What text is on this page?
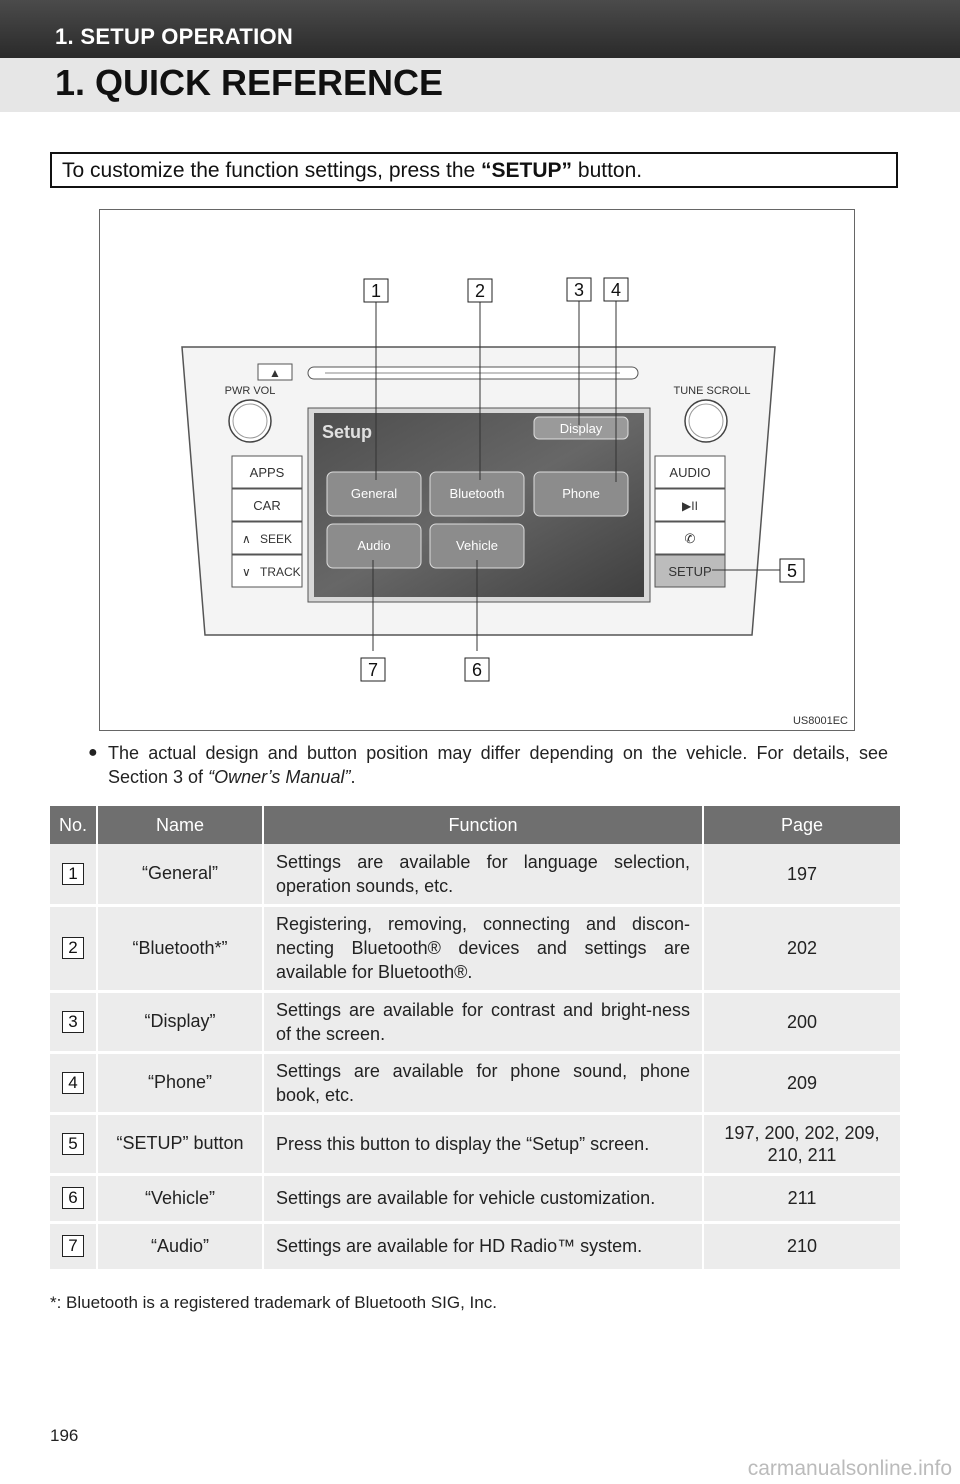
1. SETUP OPERATION
1. QUICK REFERENCE
To customize the function settings, press the “SETUP” button.
▲
PWR VOL	TUNE SCROLL
APPS
CAR
∧ SEEK
∨ TRACK
AUDIO
▶II
✆
SETUP
Setup	Display
General	Bluetooth	Phone
Audio	Vehicle
1	2	3 4
5
6
7
US8001EC
● The actual design and button position may differ depending on the vehicle. For details, see Section 3 of “Owner’s Manual”.
No.	Name	Function	Page
1	“General”	Settings are available for language selection, operation sounds, etc.	197
2	“Bluetooth*”	Registering, removing, connecting and discon-necting Bluetooth® devices and settings are available for Bluetooth®.	202
3	“Display”	Settings are available for contrast and bright-ness of the screen.	200
4	“Phone”	Settings are available for phone sound, phone book, etc.	209
5	“SETUP” button	Press this button to display the “Setup” screen.	197, 200, 202, 209, 210, 211
6	“Vehicle”	Settings are available for vehicle customization.	211
7	“Audio”	Settings are available for HD Radio™ system.	210
*: Bluetooth is a registered trademark of Bluetooth SIG, Inc.
196
carmanualsonline.info
